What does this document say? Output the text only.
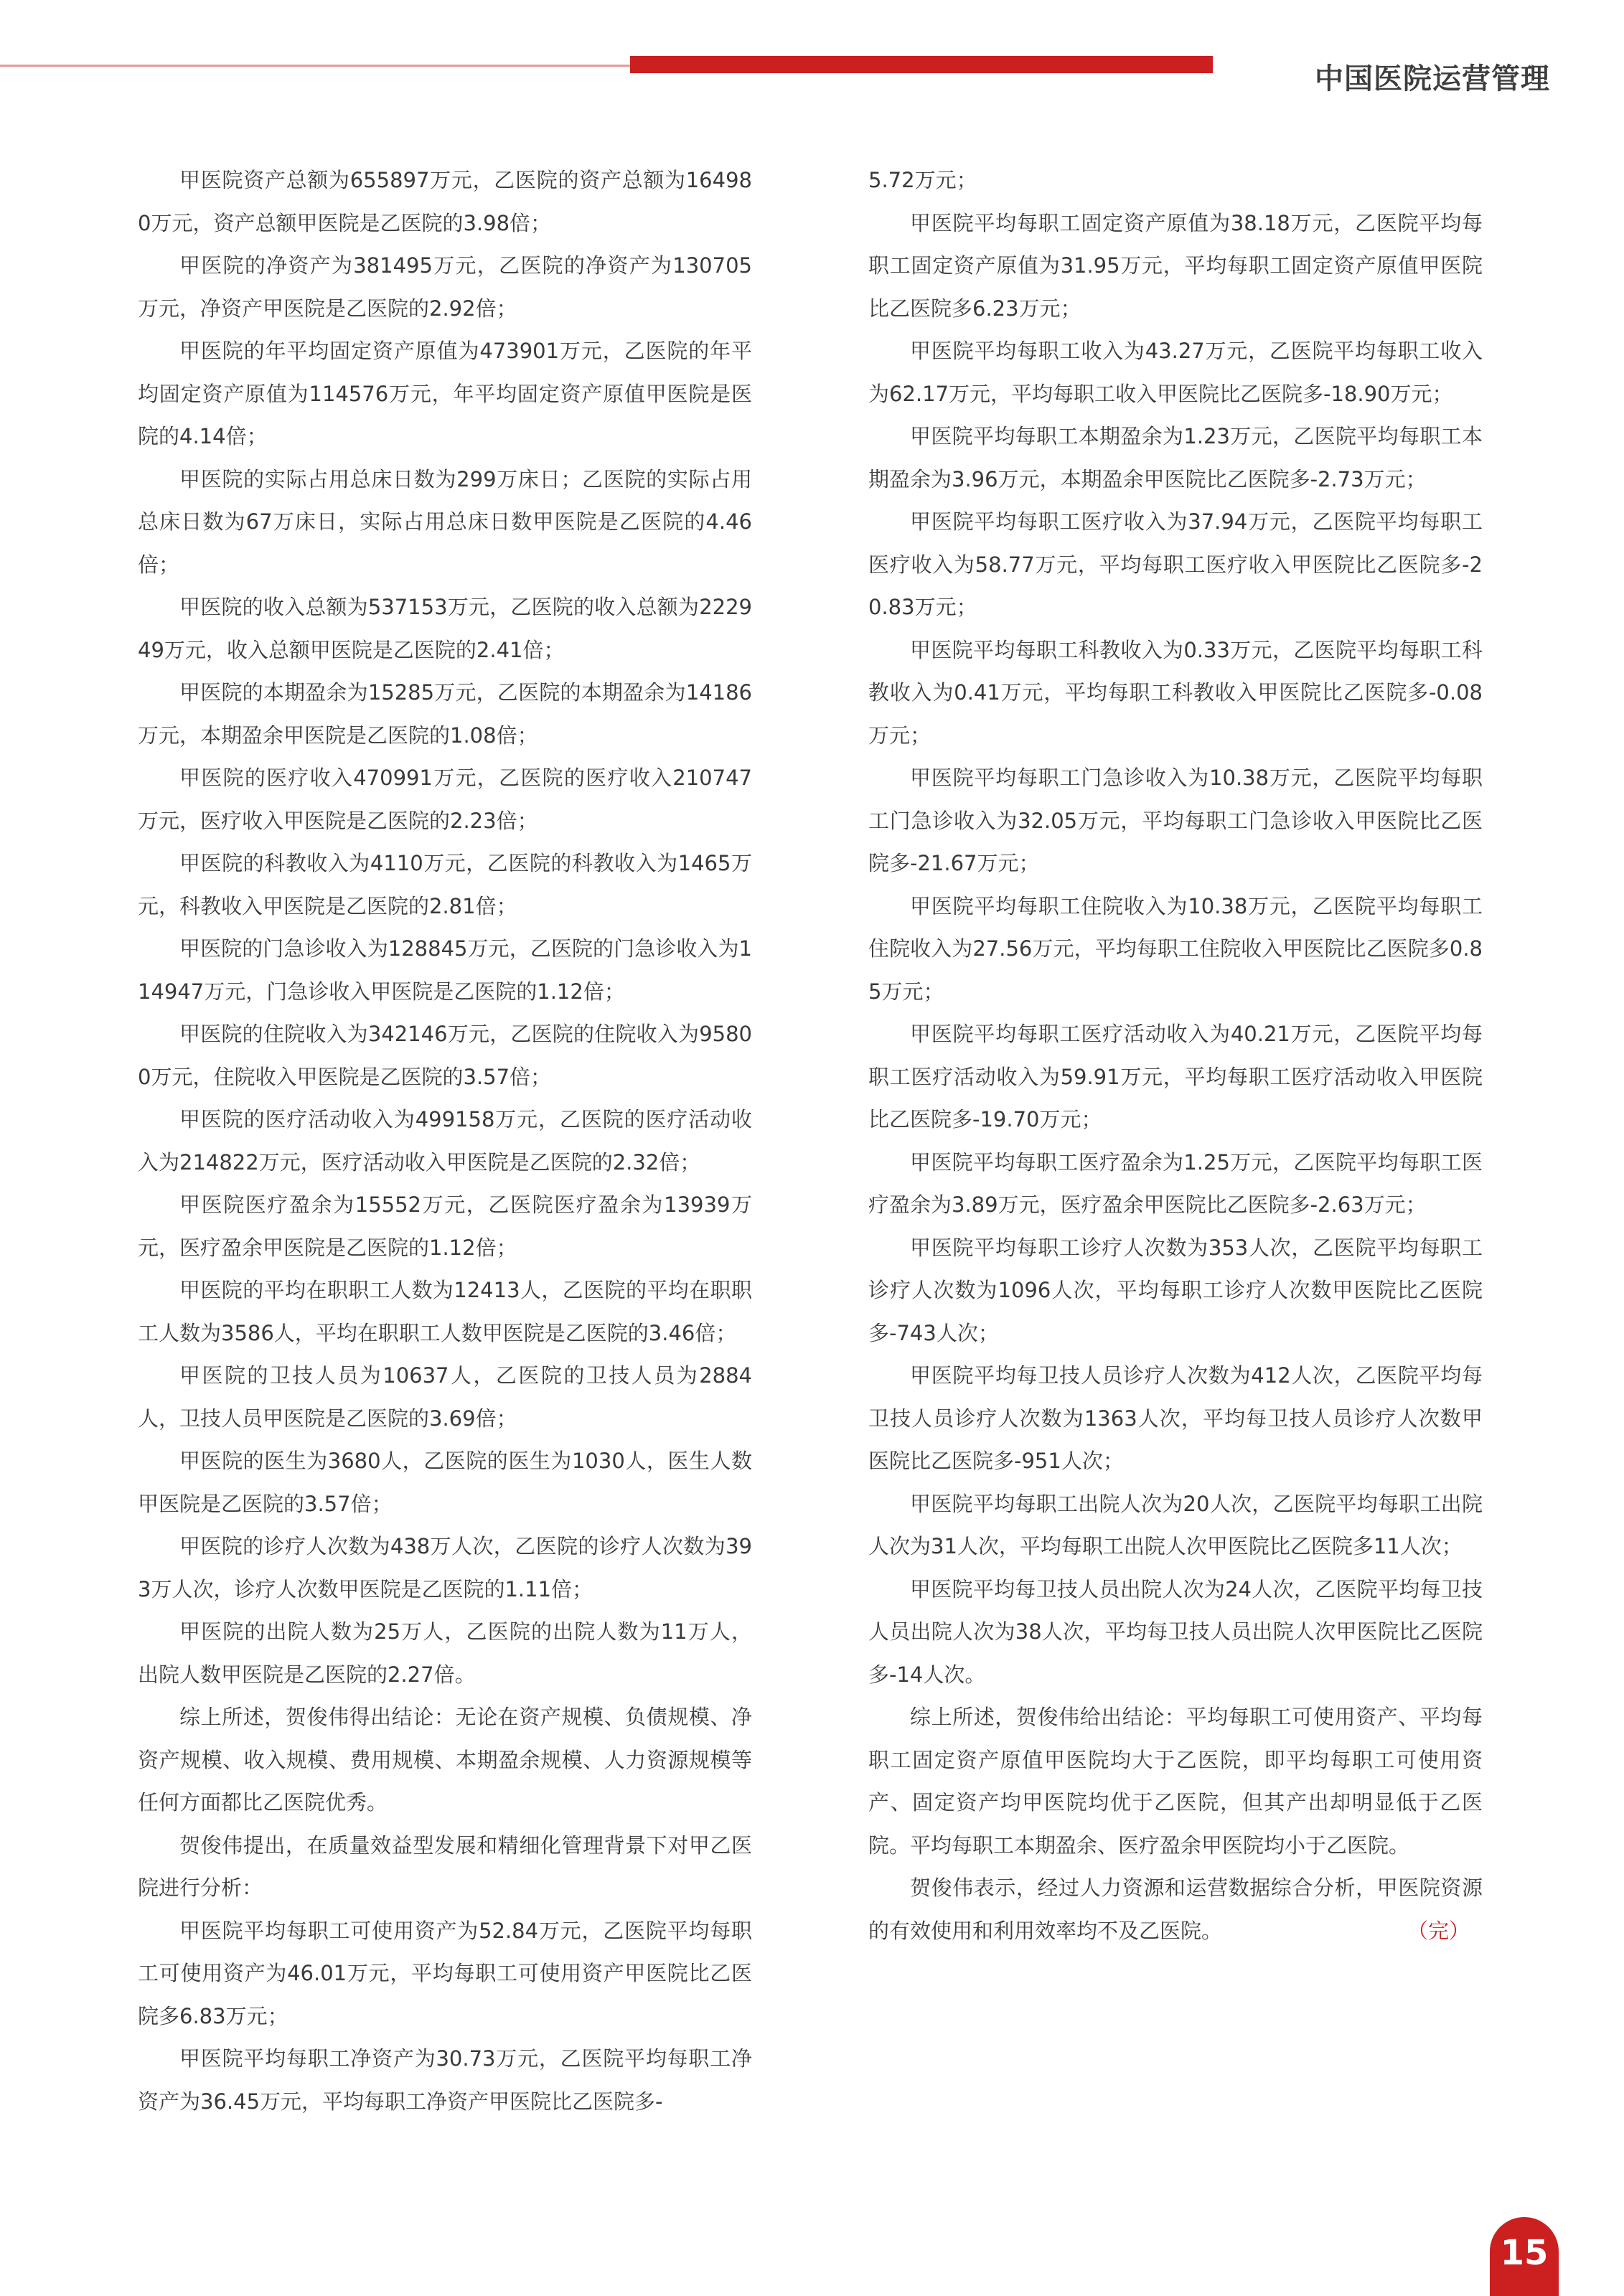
中国医院运营管理

甲医院资产总额为655897万元，乙医院的资产总额为164980万元，资产总额甲医院是乙医院的3.98倍；

甲医院的净资产为381495万元，乙医院的净资产为130705万元，净资产甲医院是乙医院的2.92倍；

甲医院的年平均固定资产原值为473901万元，乙医院的年平均固定资产原值为114576万元，年平均固定资产原值甲医院是医院的4.14倍；

甲医院的实际占用总床日数为299万床日；乙医院的实际占用总床日数为67万床日，实际占用总床日数甲医院是乙医院的4.46倍；

甲医院的收入总额为537153万元，乙医院的收入总额为222949万元，收入总额甲医院是乙医院的2.41倍；

甲医院的本期盈余为15285万元，乙医院的本期盈余为14186万元，本期盈余甲医院是乙医院的1.08倍；

甲医院的医疗收入470991万元，乙医院的医疗收入210747万元，医疗收入甲医院是乙医院的2.23倍；

甲医院的科教收入为4110万元，乙医院的科教收入为1465万元，科教收入甲医院是乙医院的2.81倍；

甲医院的门急诊收入为128845万元，乙医院的门急诊收入为114947万元，门急诊收入甲医院是乙医院的1.12倍；

甲医院的住院收入为342146万元，乙医院的住院收入为95800万元，住院收入甲医院是乙医院的3.57倍；

甲医院的医疗活动收入为499158万元，乙医院的医疗活动收入为214822万元，医疗活动收入甲医院是乙医院的2.32倍；

甲医院医疗盈余为15552万元，乙医院医疗盈余为13939万元，医疗盈余甲医院是乙医院的1.12倍；

甲医院的平均在职职工人数为12413人，乙医院的平均在职职工人数为3586人，平均在职职工人数甲医院是乙医院的3.46倍；

甲医院的卫技人员为10637人，乙医院的卫技人员为2884人，卫技人员甲医院是乙医院的3.69倍；

甲医院的医生为3680人，乙医院的医生为1030人，医生人数甲医院是乙医院的3.57倍；

甲医院的诊疗人次数为438万人次，乙医院的诊疗人次数为393万人次，诊疗人次数甲医院是乙医院的1.11倍；

甲医院的出院人数为25万人，乙医院的出院人数为11万人，出院人数甲医院是乙医院的2.27倍。

综上所述，贺俊伟得出结论：无论在资产规模、负债规模、净资产规模、收入规模、费用规模、本期盈余规模、人力资源规模等任何方面都比乙医院优秀。

贺俊伟提出，在质量效益型发展和精细化管理背景下对甲乙医院进行分析：

甲医院平均每职工可使用资产为52.84万元，乙医院平均每职工可使用资产为46.01万元，平均每职工可使用资产甲医院比乙医院多6.83万元；

甲医院平均每职工净资产为30.73万元，乙医院平均每职工净资产为36.45万元，平均每职工净资产甲医院比乙医院多-

5.72万元；

甲医院平均每职工固定资产原值为38.18万元，乙医院平均每职工固定资产原值为31.95万元，平均每职工固定资产原值甲医院比乙医院多6.23万元；

甲医院平均每职工收入为43.27万元，乙医院平均每职工收入为62.17万元，平均每职工收入甲医院比乙医院多-18.90万元；

甲医院平均每职工本期盈余为1.23万元，乙医院平均每职工本期盈余为3.96万元，本期盈余甲医院比乙医院多-2.73万元；

甲医院平均每职工医疗收入为37.94万元，乙医院平均每职工医疗收入为58.77万元，平均每职工医疗收入甲医院比乙医院多-20.83万元；

甲医院平均每职工科教收入为0.33万元，乙医院平均每职工科教收入为0.41万元，平均每职工科教收入甲医院比乙医院多-0.08万元；

甲医院平均每职工门急诊收入为10.38万元，乙医院平均每职工门急诊收入为32.05万元，平均每职工门急诊收入甲医院比乙医院多-21.67万元；

甲医院平均每职工住院收入为10.38万元，乙医院平均每职工住院收入为27.56万元，平均每职工住院收入甲医院比乙医院多0.85万元；

甲医院平均每职工医疗活动收入为40.21万元，乙医院平均每职工医疗活动收入为59.91万元，平均每职工医疗活动收入甲医院比乙医院多-19.70万元；

甲医院平均每职工医疗盈余为1.25万元，乙医院平均每职工医疗盈余为3.89万元，医疗盈余甲医院比乙医院多-2.63万元；

甲医院平均每职工诊疗人次数为353人次，乙医院平均每职工诊疗人次数为1096人次，平均每职工诊疗人次数甲医院比乙医院多-743人次；

甲医院平均每卫技人员诊疗人次数为412人次，乙医院平均每卫技人员诊疗人次数为1363人次，平均每卫技人员诊疗人次数甲医院比乙医院多-951人次；

甲医院平均每职工出院人次为20人次，乙医院平均每职工出院人次为31人次，平均每职工出院人次甲医院比乙医院多11人次；

甲医院平均每卫技人员出院人次为24人次，乙医院平均每卫技人员出院人次为38人次，平均每卫技人员出院人次甲医院比乙医院多-14人次。

综上所述，贺俊伟给出结论：平均每职工可使用资产、平均每职工固定资产原值甲医院均大于乙医院，即平均每职工可使用资产、固定资产均甲医院均优于乙医院，但其产出却明显低于乙医院。平均每职工本期盈余、医疗盈余甲医院均小于乙医院。

贺俊伟表示，经过人力资源和运营数据综合分析，甲医院资源的有效使用和利用效率均不及乙医院。	（完）

15
